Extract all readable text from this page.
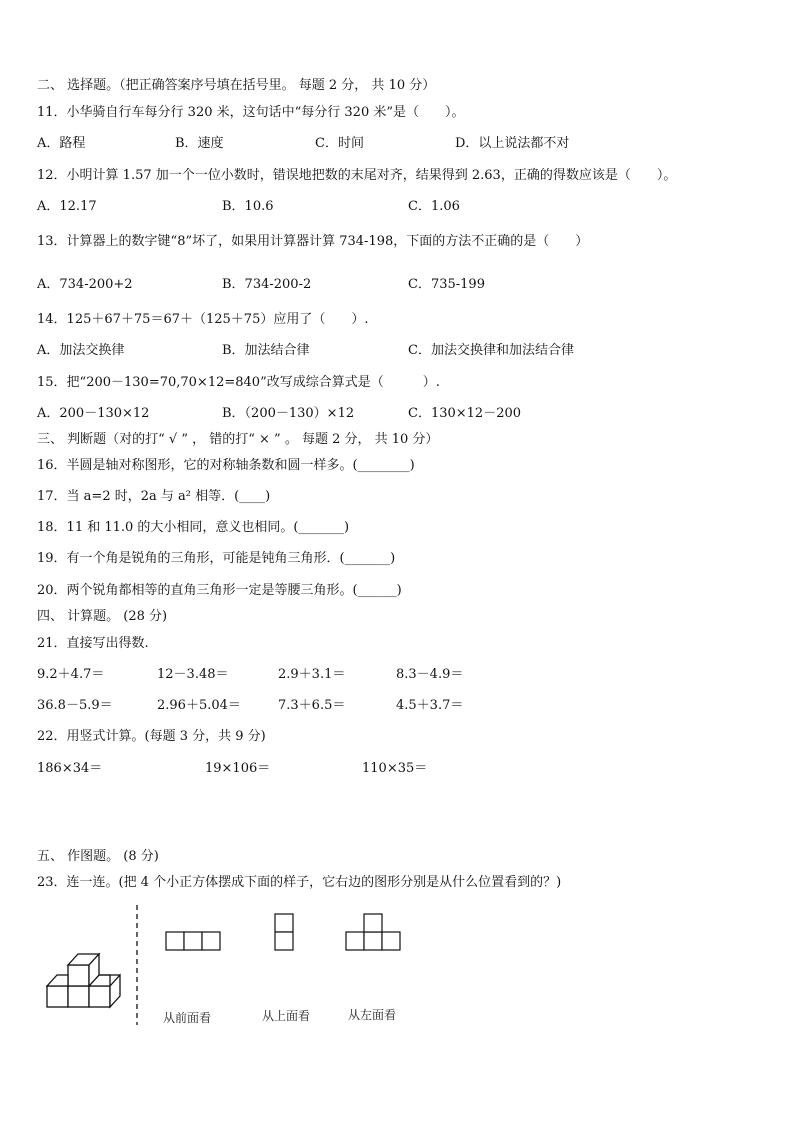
二、 选择题。（把正确答案序号填在括号里。 每题 2 分， 共 10 分）
11．小华骑自行车每分行 320 米，这句话中“每分行 320 米”是（　　）。
A．路程	B．速度	C．时间	D．以上说法都不对
12．小明计算 1.57 加一个一位小数时，错误地把数的末尾对齐，结果得到 2.63，正确的得数应该是（　　）。
A．12.17	B．10.6	C．1.06
13．计算器上的数字键“8”坏了，如果用计算器计算 734-198，下面的方法不正确的是（　　）
A．734-200+2	B．734-200-2	C．735-199
14．125＋67＋75＝67＋（125＋75）应用了（　　）.
A．加法交换律	B．加法结合律	C．加法交换律和加法结合律
15．把“200－130=70,70×12=840”改写成综合算式是（　　　）.
A．200－130×12	B．（200－130）×12	C．130×12－200
三、 判断题（对的打“ √ ” ， 错的打“ × ” 。 每题 2 分， 共 10 分）
16．半圆是轴对称图形，它的对称轴条数和圆一样多。(________)
17．当 a=2 时，2a 与 a² 相等．(____)
18．11 和 11.0 的大小相同，意义也相同。(_______)
19．有一个角是锐角的三角形，可能是钝角三角形．(_______)
20．两个锐角都相等的直角三角形一定是等腰三角形。(______)
四、 计算题。 (28 分)
21．直接写出得数.
9.2＋4.7＝	12－3.48＝	2.9＋3.1＝	8.3－4.9＝
36.8－5.9＝	2.96＋5.04＝	7.3＋6.5＝	4.5＋3.7＝
22．用竖式计算。(每题 3 分，共 9 分)
186×34＝	19×106＝	110×35＝
五、 作图题。 (8 分)
23．连一连。(把 4 个小正方体摆成下面的样子，它右边的图形分别是从什么位置看到的？)
从前面看	从上面看	从左面看
